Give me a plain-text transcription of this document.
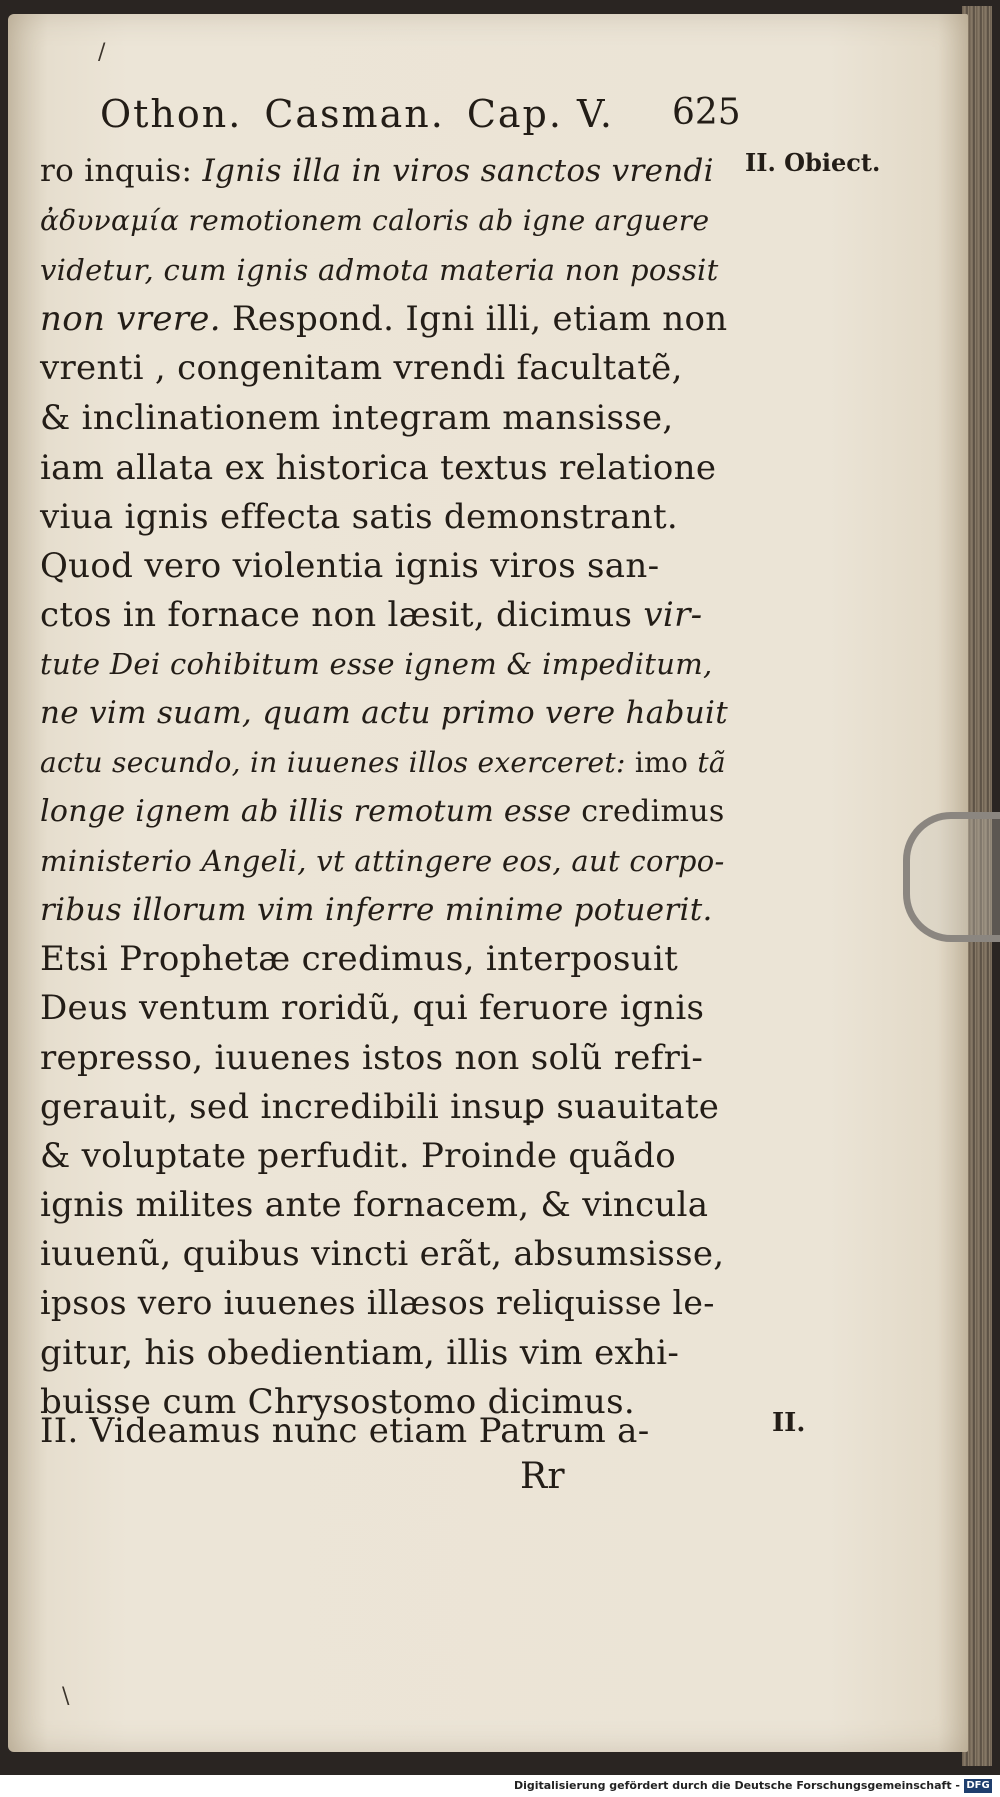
Othon. Casman. Cap. V.	625
II. Obiect.
II.
ro inquis: Ignis illa in viros sanctos vrendi
ἀδυναμία remotionem caloris ab igne arguere
videtur, cum ignis admota materia non possit
non vrere. Respond. Igni illi, etiam non
vrenti , congenitam vrendi facultatẽ,
& inclinationem integram mansisse,
iam allata ex historica textus relatione
viua ignis effecta satis demonstrant.
Quod vero violentia ignis viros san-
ctos in fornace non læsit, dicimus vir-
tute Dei cohibitum esse ignem & impeditum,
ne vim suam, quam actu primo vere habuit
actu secundo, in iuuenes illos exerceret: imo tã
longe ignem ab illis remotum esse credimus
ministerio Angeli, vt attingere eos, aut corpo-
ribus illorum vim inferre minime potuerit.
Etsi Prophetæ credimus, interposuit
Deus ventum roridũ, qui feruore ignis
represso, iuuenes istos non solũ refri-
gerauit, sed incredibili insuꝑ suauitate
& voluptate perfudit. Proinde quãdo
ignis milites ante fornacem, & vincula
iuuenũ, quibus vincti erãt, absumsisse,
ipsos vero iuuenes illæsos reliquisse le-
gitur, his obedientiam, illis vim exhi-
buisse cum Chrysostomo dicimus.
II. Videamus nunc etiam Patrum a-
Rr
/
\
Digitalisierung gefördert durch die Deutsche Forschungsgemeinschaft - DFG
